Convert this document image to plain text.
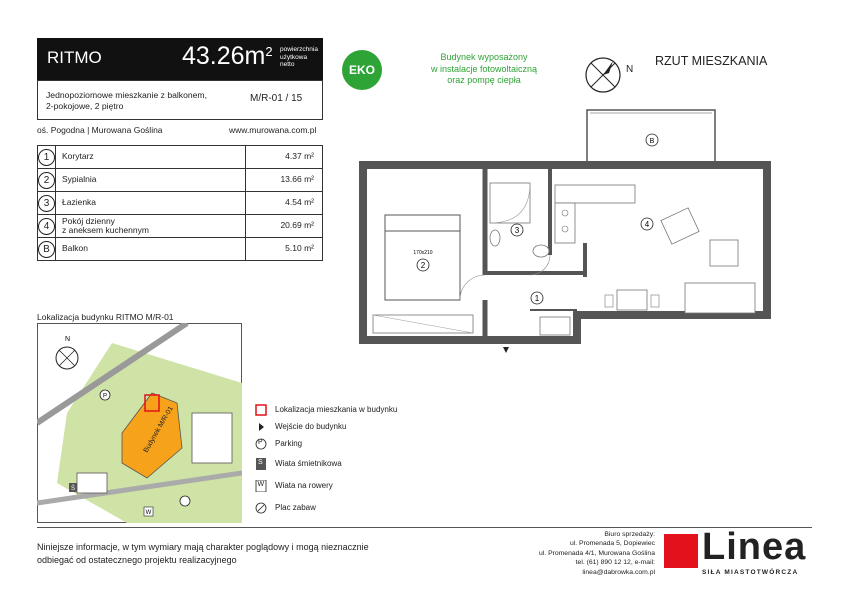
RITMO	$43.26m^2$ powierzchnia
użytkowa
netto
Jednopoziomowe mieszkanie z balkonem,
2-pokojowe, 2 piętro
M/R-01 / 15
oś. Pogodna | Murowana Goślina	www.murowana.com.pl
1	Korytarz	4.37 m²
2	Sypialnia	13.66 m²
3	Łazienka	4.54 m²
4	Pokój dzienny
z aneksem kuchennym	20.69 m²
B	Balkon	5.10 m²
EKO
Budynek wyposażony
w instalacje fotowoltaiczną
oraz pompę ciepła
N
RZUT MIESZKANIA
1
2
3
4
B
170x210
Lokalizacja budynku RITMO M/R-01
Budynek M/R-01
N
P
Ś
W
Lokalizacja mieszkania w budynku
Wejście do budynku
P Parking
Ś Wiata śmietnikowa
W Wiata na rowery
Plac zabaw
Niniejsze informacje, w tym wymiary mają charakter poglądowy i mogą nieznacznie
odbiegać od ostatecznego projektu realizacyjnego
Biuro sprzedaży:
ul. Promenada 5, Dopiewiec
ul. Promenada 4/1, Murowana Goślina
tel. (61) 890 12 12, e-mail: linea@dabrowka.com.pl
Linea
SIŁA MIASTOTWÓRCZA
